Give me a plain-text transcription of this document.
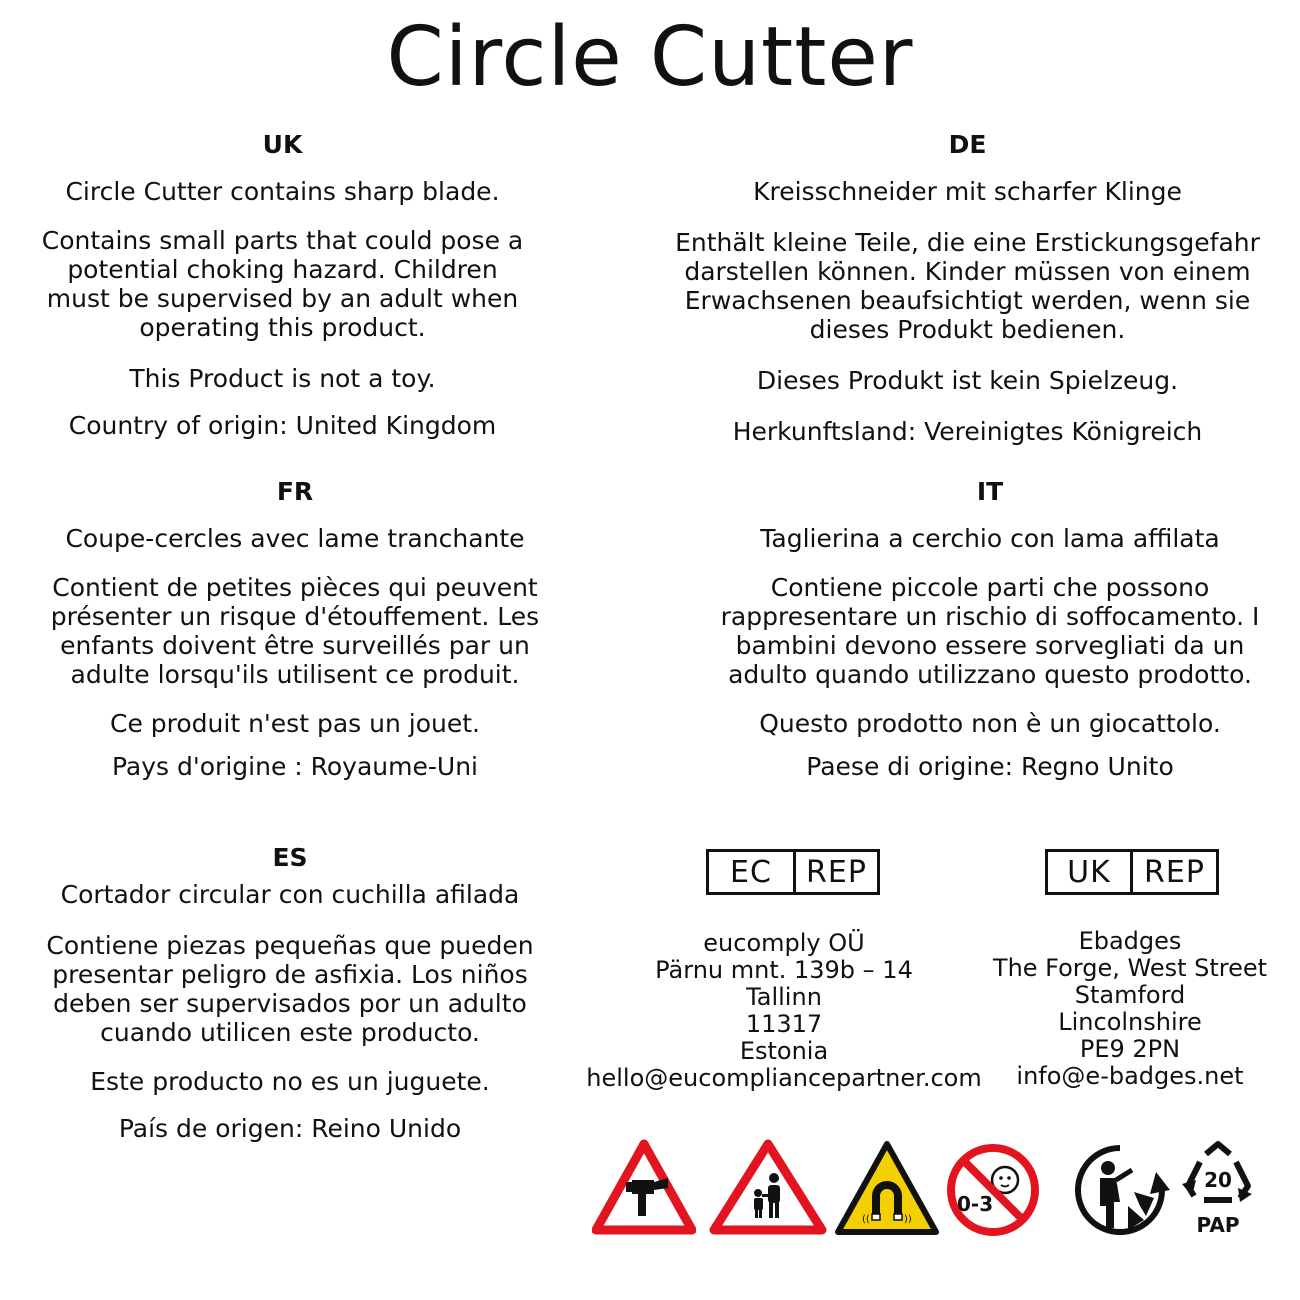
Circle Cutter
UK

Circle Cutter contains sharp blade.

Contains small parts that could pose a potential choking hazard. Children must be supervised by an adult when operating this product.

This Product is not a toy.

Country of origin: United Kingdom

DE

Kreisschneider mit scharfer Klinge

Enthält kleine Teile, die eine Erstickungsgefahr darstellen können. Kinder müssen von einem Erwachsenen beaufsichtigt werden, wenn sie dieses Produkt bedienen.

Dieses Produkt ist kein Spielzeug.

Herkunftsland: Vereinigtes Königreich

FR

Coupe-cercles avec lame tranchante

Contient de petites pièces qui peuvent présenter un risque d'étouffement. Les enfants doivent être surveillés par un adulte lorsqu'ils utilisent ce produit.

Ce produit n'est pas un jouet.

Pays d'origine : Royaume-Uni

IT

Taglierina a cerchio con lama affilata

Contiene piccole parti che possono rappresentare un rischio di soffocamento. I bambini devono essere sorvegliati da un adulto quando utilizzano questo prodotto.

Questo prodotto non è un giocattolo.

Paese di origine: Regno Unito

ES

Cortador circular con cuchilla afilada

Contiene piezas pequeñas que pueden presentar peligro de asfixia. Los niños deben ser supervisados por un adulto cuando utilicen este producto.

Este producto no es un juguete.

País de origen: Reino Unido

EC	REP
eucomply OÜ
Pärnu mnt. 139b – 14
Tallinn
11317
Estonia
hello@eucompliancepartner.com
UK	REP
Ebadges
The Forge, West Street
Stamford
Lincolnshire
PE9 2PN
info@e-badges.net
((	))
0-3
20
PAP
